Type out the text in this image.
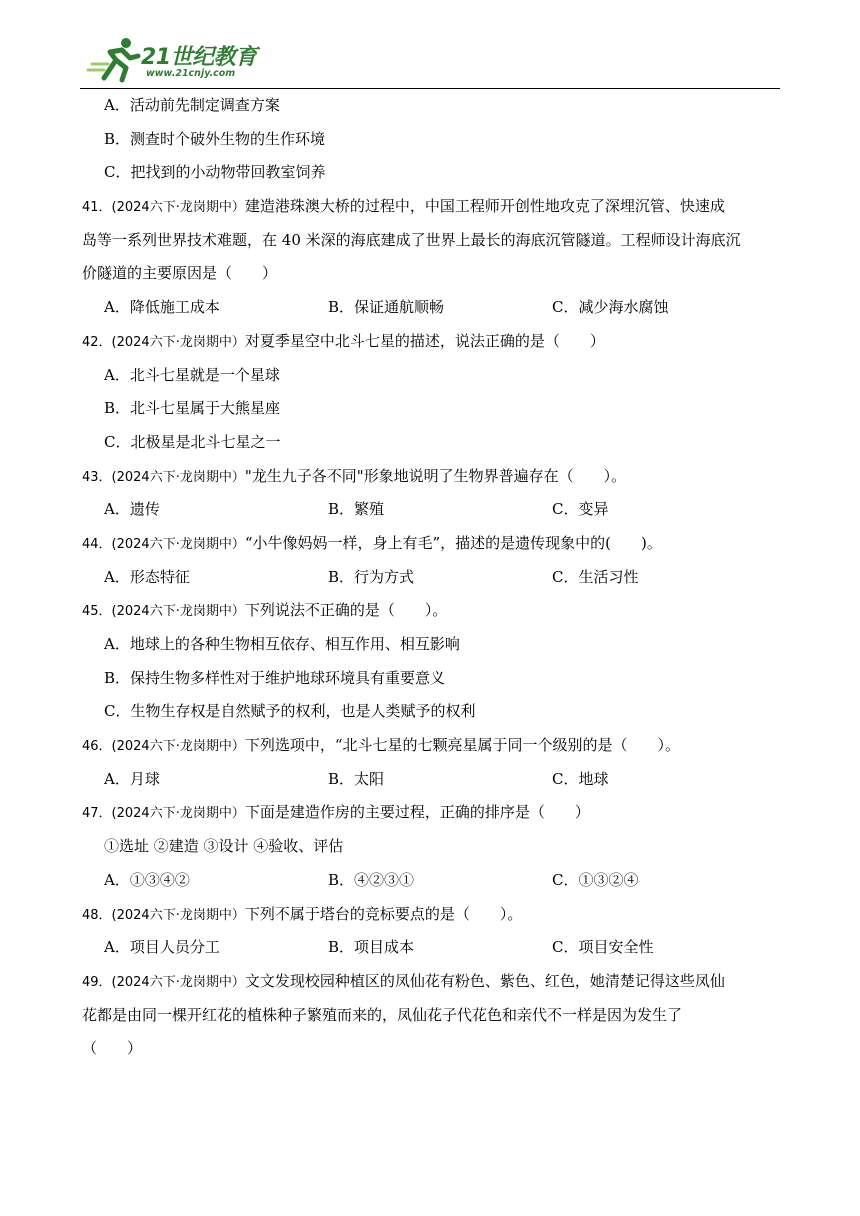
21世纪教育
www.21cnjy.com
A．活动前先制定调查方案
B．测查时个破外生物的生作环境
C．把找到的小动物带回教室饲养
41．(2024六下·龙岗期中）建造港珠澳大桥的过程中，中国工程师开创性地攻克了深埋沉管、快速成
岛等一系列世界技术难题，在 40 米深的海底建成了世界上最长的海底沉管隧道。工程师设计海底沉
价隧道的主要原因是（　　）
A．降低施工成本	B．保证通航顺畅	C．减少海水腐蚀
42．(2024六下·龙岗期中）对夏季星空中北斗七星的描述，说法正确的是（　　）
A．北斗七星就是一个星球
B．北斗七星属于大熊星座
C．北极星是北斗七星之一
43．(2024六下·龙岗期中）"龙生九子各不同"形象地说明了生物界普遍存在（　　）。
A．遗传	B．繁殖	C．变异
44．(2024六下·龙岗期中）“小牛像妈妈一样，身上有毛”，描述的是遗传现象中的(　　)。
A．形态特征	B．行为方式	C．生活习性
45．(2024六下·龙岗期中）下列说法不正确的是（　　）。
A．地球上的各种生物相互依存、相互作用、相互影响
B．保持生物多样性对于维护地球环境具有重要意义
C．生物生存权是自然赋予的权利，也是人类赋予的权利
46．(2024六下·龙岗期中）下列选项中，“北斗七星的七颗亮星属于同一个级别的是（　　）。
A．月球	B．太阳	C．地球
47．(2024六下·龙岗期中）下面是建造作房的主要过程，正确的排序是（　　）
①选址 ②建造 ③设计 ④验收、评估
A．①③④②	B．④②③①	C．①③②④
48．(2024六下·龙岗期中）下列不属于塔台的竞标要点的是（　　）。
A．项目人员分工	B．项目成本	C．项目安全性
49．(2024六下·龙岗期中）文文发现校园种植区的凤仙花有粉色、紫色、红色，她清楚记得这些凤仙
花都是由同一棵开红花的植株种子繁殖而来的，凤仙花子代花色和亲代不一样是因为发生了
（　　）
